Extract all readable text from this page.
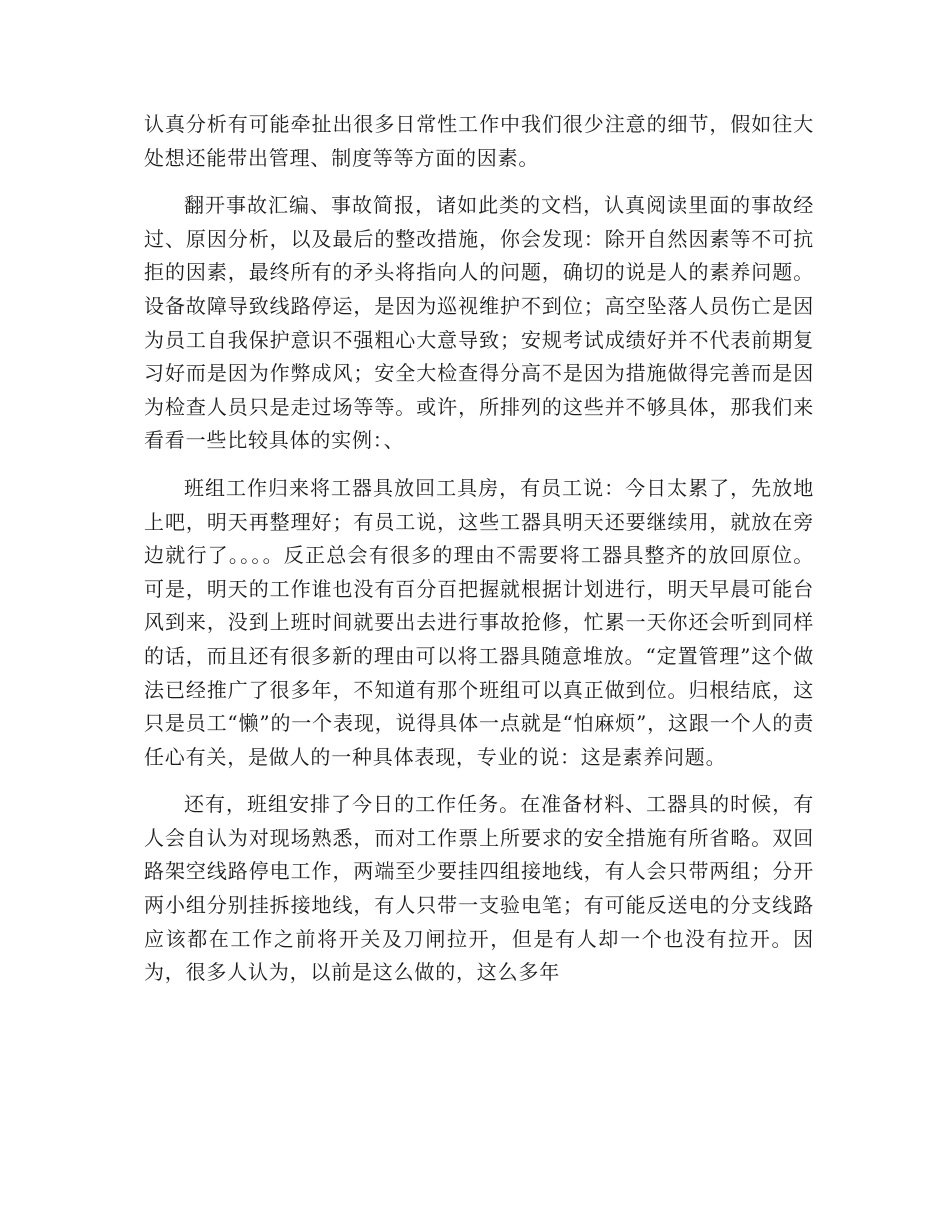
认真分析有可能牵扯出很多日常性工作中我们很少注意的细节，假如往大处想还能带出管理、制度等等方面的因素。

翻开事故汇编、事故简报，诸如此类的文档，认真阅读里面的事故经过、原因分析，以及最后的整改措施，你会发现：除开自然因素等不可抗拒的因素，最终所有的矛头将指向人的问题，确切的说是人的素养问题。设备故障导致线路停运，是因为巡视维护不到位；高空坠落人员伤亡是因为员工自我保护意识不强粗心大意导致；安规考试成绩好并不代表前期复习好而是因为作弊成风；安全大检查得分高不是因为措施做得完善而是因为检查人员只是走过场等等。或许，所排列的这些并不够具体，那我们来看看一些比较具体的实例：、

班组工作归来将工器具放回工具房，有员工说：今日太累了，先放地上吧，明天再整理好；有员工说，这些工器具明天还要继续用，就放在旁边就行了。。。。反正总会有很多的理由不需要将工器具整齐的放回原位。可是，明天的工作谁也没有百分百把握就根据计划进行，明天早晨可能台风到来，没到上班时间就要出去进行事故抢修，忙累一天你还会听到同样的话，而且还有很多新的理由可以将工器具随意堆放。“定置管理”这个做法已经推广了很多年，不知道有那个班组可以真正做到位。归根结底，这只是员工“懒”的一个表现，说得具体一点就是“怕麻烦”，这跟一个人的责任心有关，是做人的一种具体表现，专业的说：这是素养问题。

还有，班组安排了今日的工作任务。在准备材料、工器具的时候，有人会自认为对现场熟悉，而对工作票上所要求的安全措施有所省略。双回路架空线路停电工作，两端至少要挂四组接地线，有人会只带两组；分开两小组分别挂拆接地线，有人只带一支验电笔；有可能反送电的分支线路应该都在工作之前将开关及刀闸拉开，但是有人却一个也没有拉开。因为，很多人认为，以前是这么做的，这么多年
